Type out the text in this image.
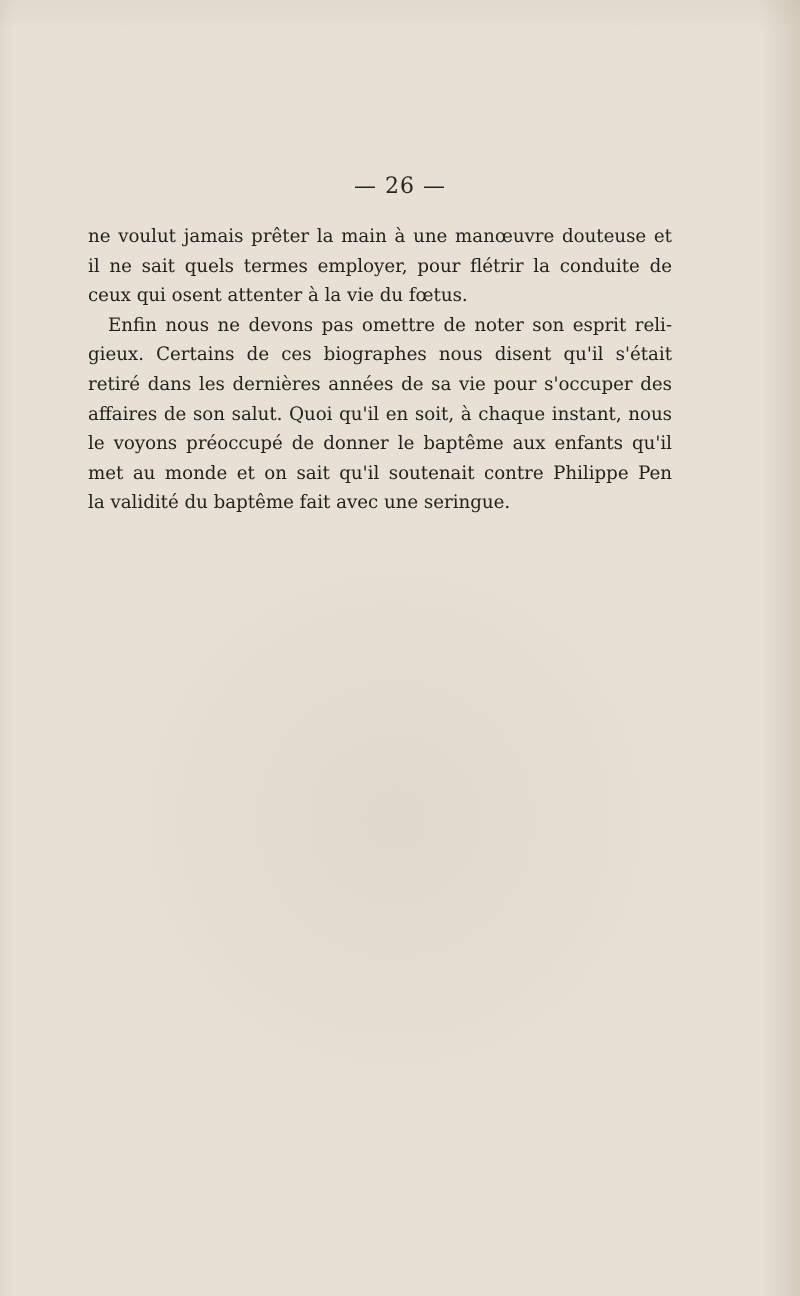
— 26 —

ne voulut jamais prêter la main à une manœuvre douteuse et
il ne sait quels termes employer, pour flétrir la conduite de
ceux qui osent attenter à la vie du fœtus.
Enfin nous ne devons pas omettre de noter son esprit reli-
gieux. Certains de ces biographes nous disent qu'il s'était
retiré dans les dernières années de sa vie pour s'occuper des
affaires de son salut. Quoi qu'il en soit, à chaque instant, nous
le voyons préoccupé de donner le baptême aux enfants qu'il
met au monde et on sait qu'il soutenait contre Philippe Pen
la validité du baptême fait avec une seringue.
